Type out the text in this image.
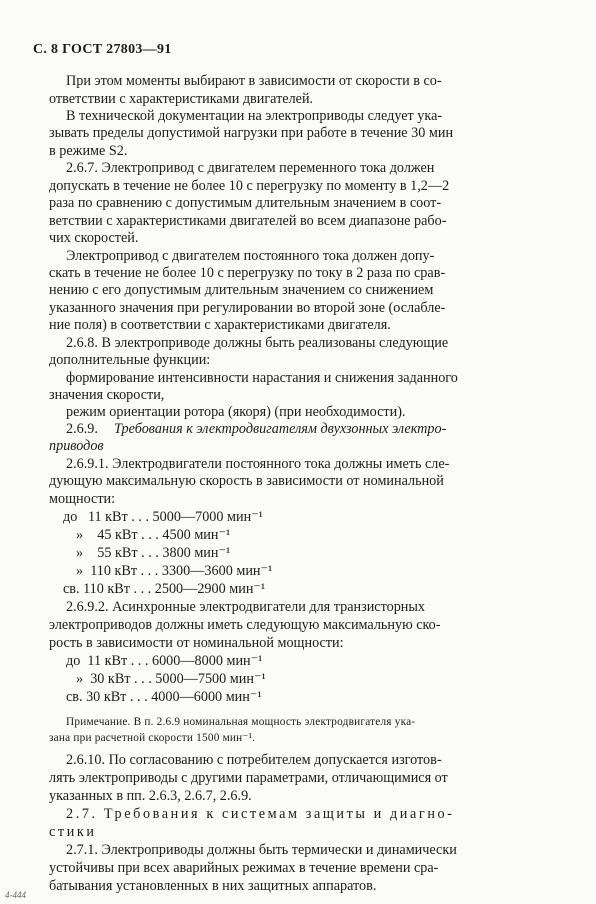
С. 8 ГОСТ 27803—91
При этом моменты выбирают в зависимости от скорости в со-
ответствии с характеристиками двигателей.
В технической документации на электроприводы следует ука-
зывать пределы допустимой нагрузки при работе в течение 30 мин
в режиме S2.
2.6.7. Электропривод с двигателем переменного тока должен
допускать в течение не более 10 с перегрузку по моменту в 1,2—2
раза по сравнению с допустимым длительным значением в соот-
ветствии с характеристиками двигателей во всем диапазоне рабо-
чих скоростей.
Электропривод с двигателем постоянного тока должен допу-
скать в течение не более 10 с перегрузку по току в 2 раза по срав-
нению с его допустимым длительным значением со снижением
указанного значения при регулировании во второй зоне (ослабле-
ние поля) в соответствии с характеристиками двигателя.
2.6.8. В электроприводе должны быть реализованы следующие
дополнительные функции:
формирование интенсивности нарастания и снижения заданного
значения скорости,
режим ориентации ротора (якоря) (при необходимости).
2.6.9. Требования к электродвигателям двухзонных электро-
приводов
2.6.9.1. Электродвигатели постоянного тока должны иметь сле-
дующую максимальную скорость в зависимости от номинальной
мощности:
до   11 кВт . . . 5000—7000 мин⁻¹
»    45 кВт . . . 4500 мин⁻¹
»    55 кВт . . . 3800 мин⁻¹
»  110 кВт . . . 3300—3600 мин⁻¹
св. 110 кВт . . . 2500—2900 мин⁻¹
2.6.9.2. Асинхронные электродвигатели для транзисторных
электроприводов должны иметь следующую максимальную ско-
рость в зависимости от номинальной мощности:
до  11 кВт . . . 6000—8000 мин⁻¹
»  30 кВт . . . 5000—7500 мин⁻¹
св. 30 кВт . . . 4000—6000 мин⁻¹
Примечание. В п. 2.6.9 номинальная мощность электродвигателя ука-
зана при расчетной скорости 1500 мин⁻¹.
2.6.10. По согласованию с потребителем допускается изготов-
лять электроприводы с другими параметрами, отличающимися от
указанных в пп. 2.6.3, 2.6.7, 2.6.9.
2.7. Требования к системам защиты и диагно-
стики
2.7.1. Электроприводы должны быть термически и динамически
устойчивы при всех аварийных режимах в течение времени сра-
батывания установленных в них защитных аппаратов.
4-444
